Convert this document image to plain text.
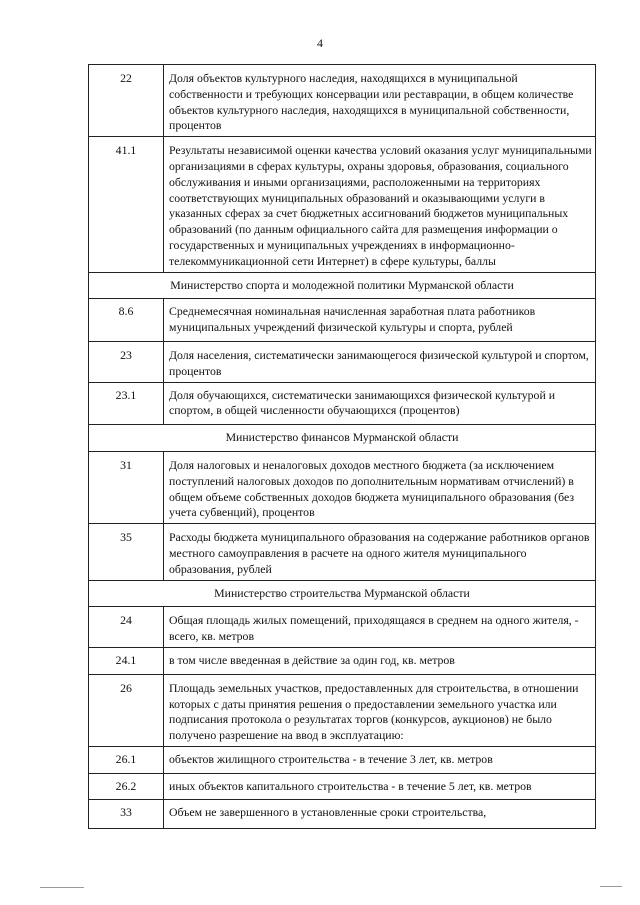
4
22	Доля объектов культурного наследия, находящихся в муниципальной собственности и требующих консервации или реставрации, в общем количестве объектов культурного наследия, находящихся в муниципальной собственности, процентов
41.1	Результаты независимой оценки качества условий оказания услуг муниципальными организациями в сферах культуры, охраны здоровья, образования, социального обслуживания и иными организациями, расположенными на территориях соответствующих муниципальных образований и оказывающими услуги в указанных сферах за счет бюджетных ассигнований бюджетов муниципальных образований (по данным официального сайта для размещения информации о государственных и муниципальных учреждениях в информационно-телекоммуникационной сети Интернет) в сфере культуры, баллы
Министерство спорта и молодежной политики Мурманской области	
8.6	Среднемесячная номинальная начисленная заработная плата работников муниципальных учреждений физической культуры и спорта, рублей
23	Доля населения, систематически занимающегося физической культурой и спортом, процентов
23.1	Доля обучающихся, систематически занимающихся физической культурой и спортом, в общей численности обучающихся (процентов)
Министерство финансов Мурманской области	
31	Доля налоговых и неналоговых доходов местного бюджета (за исключением поступлений налоговых доходов по дополнительным нормативам отчислений) в общем объеме собственных доходов бюджета муниципального образования (без учета субвенций), процентов
35	Расходы бюджета муниципального образования на содержание работников органов местного самоуправления в расчете на одного жителя муниципального образования, рублей
Министерство строительства Мурманской области	
24	Общая площадь жилых помещений, приходящаяся в среднем на одного жителя, - всего, кв. метров
24.1	в том числе введенная в действие за один год, кв. метров
26	Площадь земельных участков, предоставленных для строительства, в отношении которых с даты принятия решения о предоставлении земельного участка или подписания протокола о результатах торгов (конкурсов, аукционов) не было получено разрешение на ввод в эксплуатацию:
26.1	объектов жилищного строительства - в течение 3 лет, кв. метров
26.2	иных объектов капитального строительства - в течение 5 лет, кв. метров
33	Объем не завершенного в установленные сроки строительства,
